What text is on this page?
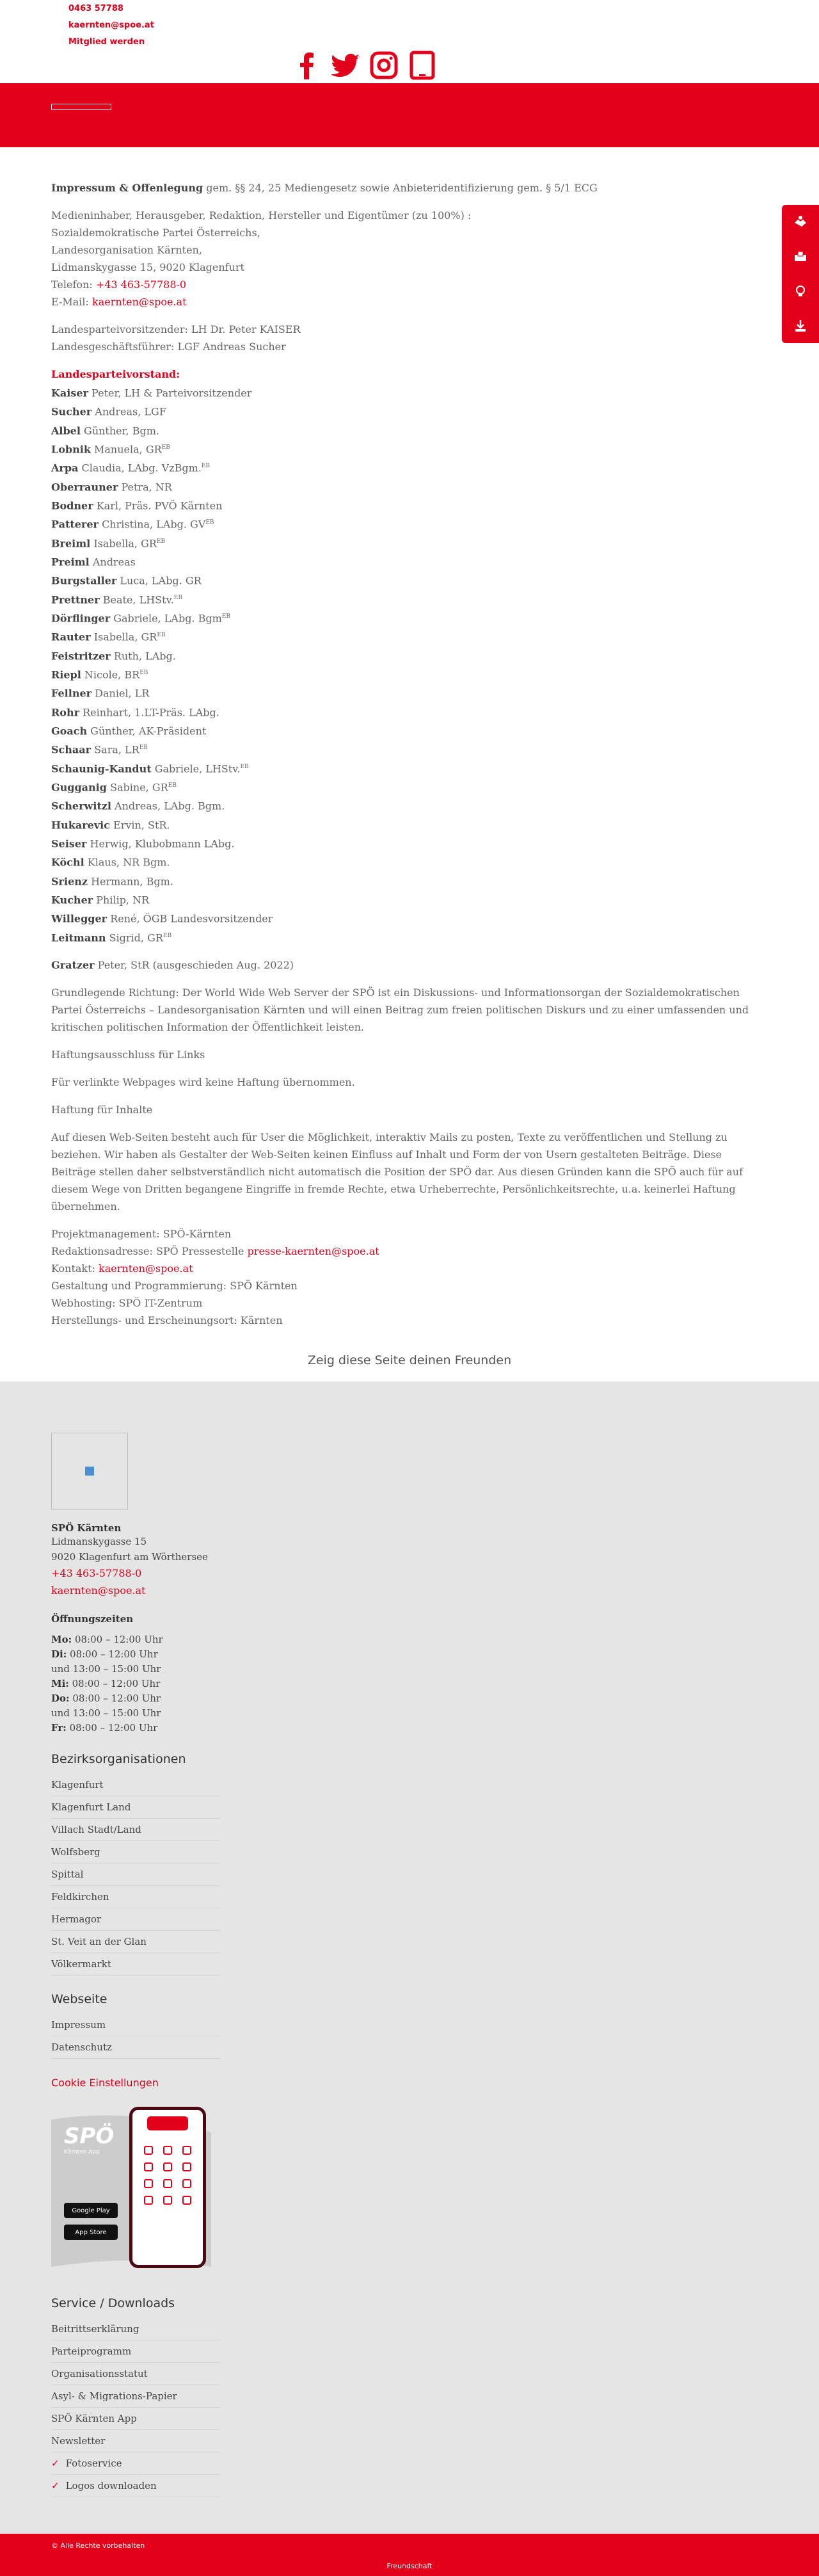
0463 57788
kaernten@spoe.at
Mitglied werden

Impressum & Offenlegung gem. §§ 24, 25 Mediengesetz sowie Anbieteridentifizierung gem. § 5/1 ECG

Medieninhaber, Herausgeber, Redaktion, Hersteller und Eigentümer (zu 100%) :
Sozialdemokratische Partei Österreichs,
Landesorganisation Kärnten,
Lidmanskygasse 15, 9020 Klagenfurt
Telefon: +43 463-57788-0
E-Mail: kaernten@spoe.at

Landesparteivorsitzender: LH Dr. Peter KAISER
Landesgeschäftsführer: LGF Andreas Sucher

Landesparteivorstand:
Kaiser Peter, LH & Parteivorsitzender
Sucher Andreas, LGF
Albel Günther, Bgm.
Lobnik Manuela, $GR^{EB}$
Arpa Claudia, LAbg. VzBgm.$^{EB}$
Oberrauner Petra, NR
Bodner Karl, Präs. PVÖ Kärnten
Patterer Christina, LAbg. $GV^{EB}$
Breiml Isabella, $GR^{EB}$
Preiml Andreas
Burgstaller Luca, LAbg. GR
Prettner Beate, LHStv.$^{EB}$
Dörflinger Gabriele, LAbg. Bgm$^{EB}$
Rauter Isabella, $GR^{EB}$
Feistritzer Ruth, LAbg.
Riepl Nicole, $BR^{EB}$
Fellner Daniel, LR
Rohr Reinhart, 1.LT-Präs. LAbg.
Goach Günther, AK-Präsident
Schaar Sara, $LR^{EB}$
Schaunig-Kandut Gabriele, LHStv.$^{EB}$
Gugganig Sabine, $GR^{EB}$
Scherwitzl Andreas, LAbg. Bgm.
Hukarevic Ervin, StR.
Seiser Herwig, Klubobmann LAbg.
Köchl Klaus, NR Bgm.
Srienz Hermann, Bgm.
Kucher Philip, NR
Willegger René, ÖGB Landesvorsitzender
Leitmann Sigrid, $GR^{EB}$

Gratzer Peter, StR (ausgeschieden Aug. 2022)

Grundlegende Richtung: Der World Wide Web Server der SPÖ ist ein Diskussions- und Informationsorgan der Sozialdemokratischen Partei Österreichs – Landesorganisation Kärnten und will einen Beitrag zum freien politischen Diskurs und zu einer umfassenden und kritischen politischen Information der Öffentlichkeit leisten.

Haftungsausschluss für Links

Für verlinkte Webpages wird keine Haftung übernommen.

Haftung für Inhalte

Auf diesen Web-Seiten besteht auch für User die Möglichkeit, interaktiv Mails zu posten, Texte zu veröffentlichen und Stellung zu beziehen. Wir haben als Gestalter der Web-Seiten keinen Einfluss auf Inhalt und Form der von Usern gestalteten Beiträge. Diese Beiträge stellen daher selbstverständlich nicht automatisch die Position der SPÖ dar. Aus diesen Gründen kann die SPÖ auch für auf diesem Wege von Dritten begangene Eingriffe in fremde Rechte, etwa Urheberrechte, Persönlichkeitsrechte, u.a. keinerlei Haftung übernehmen.

Projektmanagement: SPÖ-Kärnten
Redaktionsadresse: SPÖ Pressestelle presse-kaernten@spoe.at
Kontakt: kaernten@spoe.at
Gestaltung und Programmierung: SPÖ Kärnten
Webhosting: SPÖ IT-Zentrum
Herstellungs- und Erscheinungsort: Kärnten

Zeig diese Seite deinen Freunden
SPÖ Kärnten
Lidmanskygasse 15
9020 Klagenfurt am Wörthersee
+43 463-57788-0
kaernten@spoe.at
Öffnungszeiten
Mo: 08:00 – 12:00 Uhr
Di: 08:00 – 12:00 Uhr
und 13:00 – 15:00 Uhr
Mi: 08:00 – 12:00 Uhr
Do: 08:00 – 12:00 Uhr
und 13:00 – 15:00 Uhr
Fr: 08:00 – 12:00 Uhr
Bezirksorganisationen
Klagenfurt
Klagenfurt Land
Villach Stadt/Land
Wolfsberg
Spittal
Feldkirchen
Hermagor
St. Veit an der Glan
Völkermarkt
Webseite
Impressum
Datenschutz
Cookie Einstellungen
SPÖ
Kärnten App
Google Play
App Store
Service / Downloads
Beitrittserklärung
Parteiprogramm
Organisationsstatut
Asyl- & Migrations-Papier
SPÖ Kärnten App
Newsletter
✓ Fotoservice
✓ Logos downloaden
© Alle Rechte vorbehalten
Freundschaft
